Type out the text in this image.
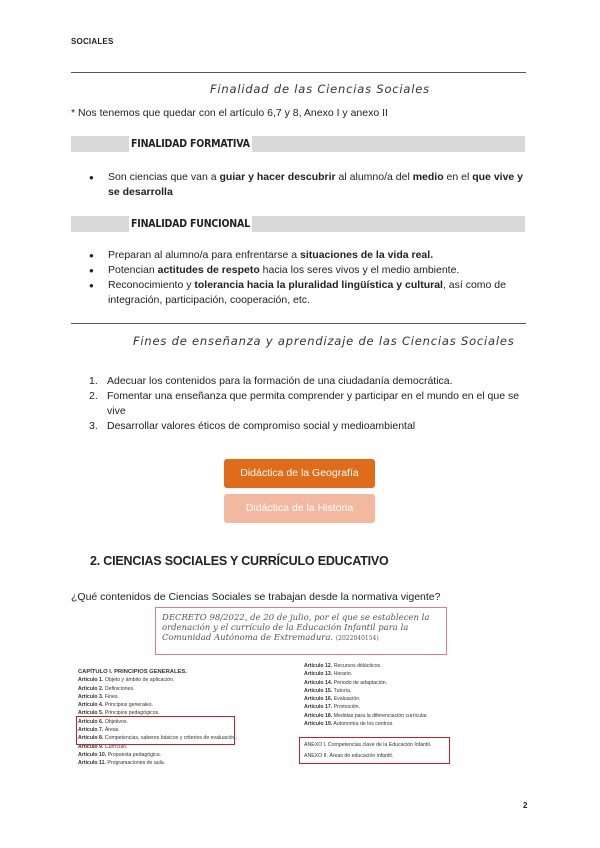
SOCIALES
Finalidad de las Ciencias Sociales
* Nos tenemos que quedar con el artículo 6,7 y 8, Anexo I y anexo II
FINALIDAD FORMATIVA
● Son ciencias que van a guiar y hacer descubrir al alumno/a del medio en el que vive y se desarrolla
FINALIDAD FUNCIONAL
● Preparan al alumno/a para enfrentarse a situaciones de la vida real.
● Potencian actitudes de respeto hacia los seres vivos y el medio ambiente.
● Reconocimiento y tolerancia hacia la pluralidad lingüística y cultural, así como de integración, participación, cooperación, etc.
Fines de enseñanza y aprendizaje de las Ciencias Sociales
1. Adecuar los contenidos para la formación de una ciudadanía democrática.
2. Fomentar una enseñanza que permita comprender y participar en el mundo en el que se vive
3. Desarrollar valores éticos de compromiso social y medioambiental
Didáctica de la Geografía
Didáctica de la Historia
2. CIENCIAS SOCIALES Y CURRÍCULO EDUCATIVO
¿Qué contenidos de Ciencias Sociales se trabajan desde la normativa vigente?
DECRETO 98/2022, de 20 de julio, por el que se establecen la ordenación y el currículo de la Educación Infantil para la Comunidad Autónoma de Extremadura. (2022040154)
CAPÍTULO I. PRINCIPIOS GENERALES.
Artículo 1. Objeto y ámbito de aplicación.
Artículo 2. Definiciones.
Artículo 3. Fines.
Artículo 4. Principios generales.
Artículo 5. Principios pedagógicos.
Artículo 6. Objetivos.
Artículo 7. Áreas.
Artículo 8. Competencias, saberes básicos y criterios de evaluación.
Artículo 9. Currículo.
Artículo 10. Propuesta pedagógica.
Artículo 11. Programaciones de aula.
Artículo 12. Recursos didácticos.
Artículo 13. Horario.
Artículo 14. Periodo de adaptación.
Artículo 15. Tutoría.
Artículo 16. Evaluación.
Artículo 17. Promoción.
Artículo 18. Medidas para la diferenciación curricular.
Artículo 19. Autonomía de los centros.
ANEXO I. Competencias clave de la Educación Infantil.
ANEXO II. Áreas de educación infantil.
2
